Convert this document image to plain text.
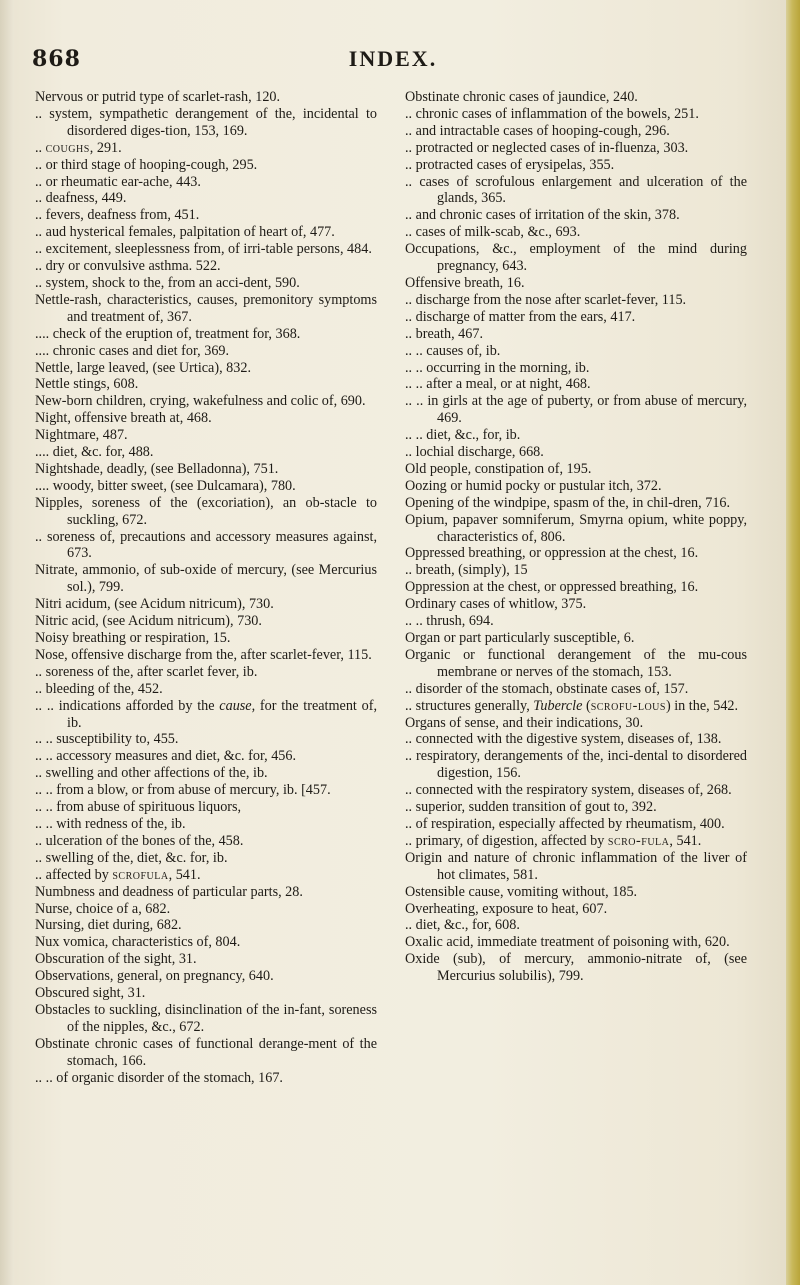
868	INDEX.
Nervous or putrid type of scarlet-rash, 120.
.. system, sympathetic derangement of the, incidental to disordered diges-tion, 153, 169.
.. coughs, 291.
.. or third stage of hooping-cough, 295.
.. or rheumatic ear-ache, 443.
.. deafness, 449.
.. fevers, deafness from, 451.
.. aud hysterical females, palpitation of heart of, 477.
.. excitement, sleeplessness from, of irri-table persons, 484.
.. dry or convulsive asthma. 522.
.. system, shock to the, from an acci-dent, 590.
Nettle-rash, characteristics, causes, premonitory symptoms and treatment of, 367.
.... check of the eruption of, treatment for, 368.
.... chronic cases and diet for, 369.
Nettle, large leaved, (see Urtica), 832.
Nettle stings, 608.
New-born children, crying, wakefulness and colic of, 690.
Night, offensive breath at, 468.
Nightmare, 487.
.... diet, &c. for, 488.
Nightshade, deadly, (see Belladonna), 751.
.... woody, bitter sweet, (see Dulcamara), 780.
Nipples, soreness of the (excoriation), an ob-stacle to suckling, 672.
.. soreness of, precautions and accessory measures against, 673.
Nitrate, ammonio, of sub-oxide of mercury, (see Mercurius sol.), 799.
Nitri acidum, (see Acidum nitricum), 730.
Nitric acid, (see Acidum nitricum), 730.
Noisy breathing or respiration, 15.
Nose, offensive discharge from the, after scarlet-fever, 115.
.. soreness of the, after scarlet fever, ib.
.. bleeding of the, 452.
.. .. indications afforded by the cause, for the treatment of, ib.
.. .. susceptibility to, 455.
.. .. accessory measures and diet, &c. for, 456.
.. swelling and other affections of the, ib.
.. .. from a blow, or from abuse of mercury, ib. [457.
.. .. from abuse of spirituous liquors,
.. .. with redness of the, ib.
.. ulceration of the bones of the, 458.
.. swelling of the, diet, &c. for, ib.
.. affected by scrofula, 541.
Numbness and deadness of particular parts, 28.
Nurse, choice of a, 682.
Nursing, diet during, 682.
Nux vomica, characteristics of, 804.
Obscuration of the sight, 31.
Observations, general, on pregnancy, 640.
Obscured sight, 31.
Obstacles to suckling, disinclination of the in-fant, soreness of the nipples, &c., 672.
Obstinate chronic cases of functional derange-ment of the stomach, 166.
.. .. of organic disorder of the stomach, 167.
Obstinate chronic cases of jaundice, 240.
.. chronic cases of inflammation of the bowels, 251.
.. and intractable cases of hooping-cough, 296.
.. protracted or neglected cases of in-fluenza, 303.
.. protracted cases of erysipelas, 355.
.. cases of scrofulous enlargement and ulceration of the glands, 365.
.. and chronic cases of irritation of the skin, 378.
.. cases of milk-scab, &c., 693.
Occupations, &c., employment of the mind during pregnancy, 643.
Offensive breath, 16.
.. discharge from the nose after scarlet-fever, 115.
.. discharge of matter from the ears, 417.
.. breath, 467.
.. .. causes of, ib.
.. .. occurring in the morning, ib.
.. .. after a meal, or at night, 468.
.. .. in girls at the age of puberty, or from abuse of mercury, 469.
.. .. diet, &c., for, ib.
.. lochial discharge, 668.
Old people, constipation of, 195.
Oozing or humid pocky or pustular itch, 372.
Opening of the windpipe, spasm of the, in chil-dren, 716.
Opium, papaver somniferum, Smyrna opium, white poppy, characteristics of, 806.
Oppressed breathing, or oppression at the chest, 16.
.. breath, (simply), 15
Oppression at the chest, or oppressed breathing, 16.
Ordinary cases of whitlow, 375.
.. .. thrush, 694.
Organ or part particularly susceptible, 6.
Organic or functional derangement of the mu-cous membrane or nerves of the stomach, 153.
.. disorder of the stomach, obstinate cases of, 157.
.. structures generally, Tubercle (scrofu-lous) in the, 542.
Organs of sense, and their indications, 30.
.. connected with the digestive system, diseases of, 138.
.. respiratory, derangements of the, inci-dental to disordered digestion, 156.
.. connected with the respiratory system, diseases of, 268.
.. superior, sudden transition of gout to, 392.
.. of respiration, especially affected by rheumatism, 400.
.. primary, of digestion, affected by scro-fula, 541.
Origin and nature of chronic inflammation of the liver of hot climates, 581.
Ostensible cause, vomiting without, 185.
Overheating, exposure to heat, 607.
.. diet, &c., for, 608.
Oxalic acid, immediate treatment of poisoning with, 620.
Oxide (sub), of mercury, ammonio-nitrate of, (see Mercurius solubilis), 799.
